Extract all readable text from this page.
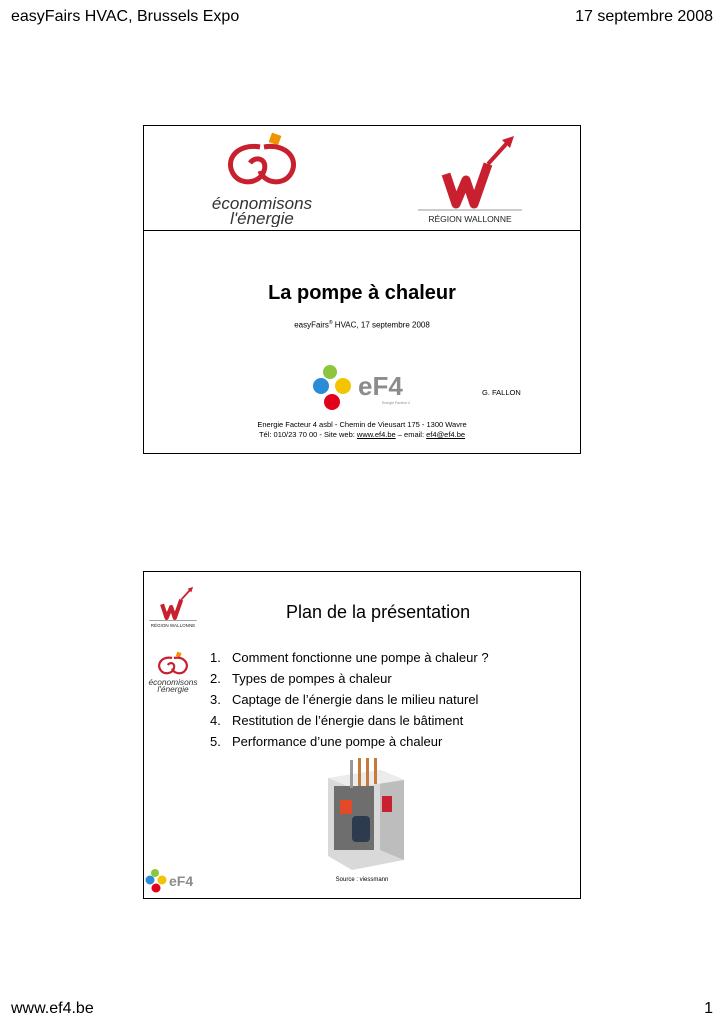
easyFairs HVAC, Brussels Expo	17 septembre 2008
économisons
l'énergie	RÉGION WALLONNE
La pompe à chaleur
easyFairs® HVAC, 17 septembre 2008
eF4
Energie Facteur 4
G. FALLON
Energie Facteur 4 asbl - Chemin de Vieusart 175 - 1300 Wavre
Tél: 010/23 70 00 - Site web: www.ef4.be – email: ef4@ef4.be
RÉGION WALLONNE
économisons
l'énergie
Plan de la présentation
1. Comment fonctionne une pompe à chaleur ?
2. Types de pompes à chaleur
3. Captage de l’énergie dans le milieu naturel
4. Restitution de l’énergie dans le bâtiment
5. Performance d’une pompe à chaleur
Source : viessmann
eF4
www.ef4.be	1
